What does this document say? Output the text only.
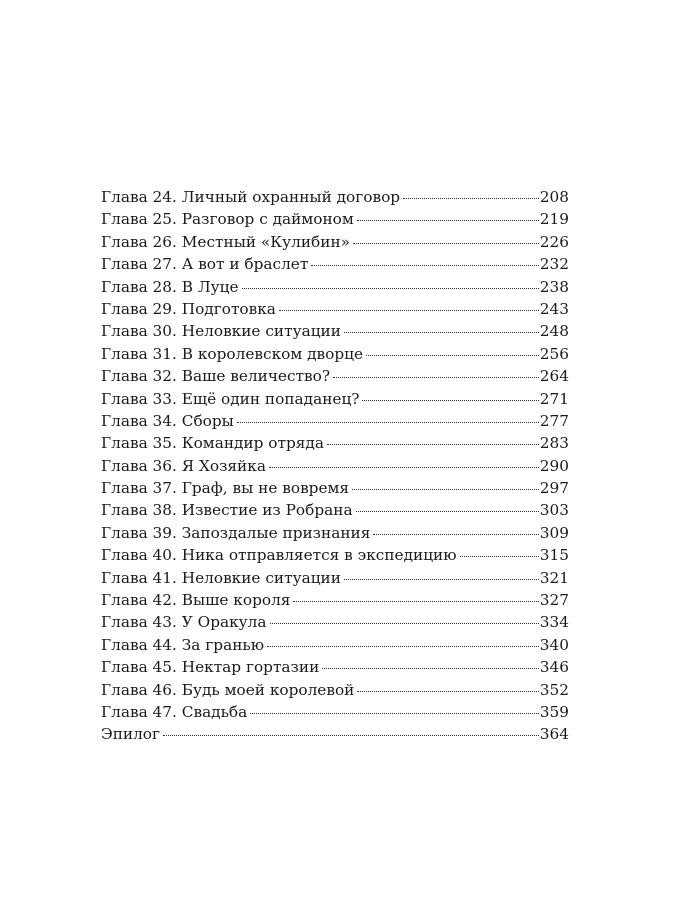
Глава 24. Личный охранный договор	208
Глава 25. Разговор с даймоном	219
Глава 26. Местный «Кулибин»	226
Глава 27. А вот и браслет	232
Глава 28. В Луце	238
Глава 29. Подготовка	243
Глава 30. Неловкие ситуации	248
Глава 31. В королевском дворце	256
Глава 32. Ваше величество?	264
Глава 33. Ещё один попаданец?	271
Глава 34. Сборы	277
Глава 35. Командир отряда	283
Глава 36. Я Хозяйка	290
Глава 37. Граф, вы не вовремя	297
Глава 38. Известие из Робрана	303
Глава 39. Запоздалые признания	309
Глава 40. Ника отправляется в экспедицию	315
Глава 41. Неловкие ситуации	321
Глава 42. Выше короля	327
Глава 43. У Оракула	334
Глава 44. За гранью	340
Глава 45. Нектар гортазии	346
Глава 46. Будь моей королевой	352
Глава 47. Свадьба	359
Эпилог	364
